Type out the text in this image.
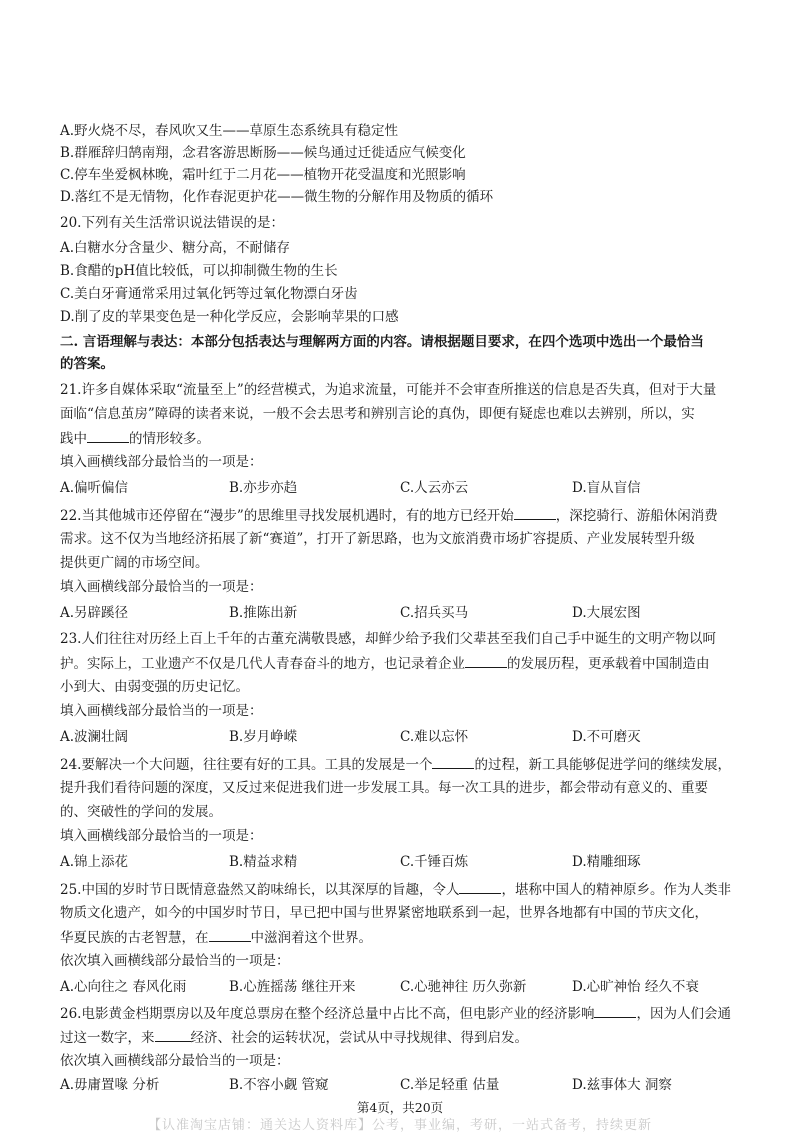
A.野火烧不尽，春风吹又生——草原生态系统具有稳定性
B.群雁辞归鹄南翔，念君客游思断肠——候鸟通过迁徙适应气候变化
C.停车坐爱枫林晚，霜叶红于二月花——植物开花受温度和光照影响
D.落红不是无情物，化作春泥更护花——微生物的分解作用及物质的循环
20.下列有关生活常识说法错误的是：
A.白糖水分含量少、糖分高，不耐储存
B.食醋的pH值比较低，可以抑制微生物的生长
C.美白牙膏通常采用过氧化钙等过氧化物漂白牙齿
D.削了皮的苹果变色是一种化学反应，会影响苹果的口感
二. 言语理解与表达：本部分包括表达与理解两方面的内容。请根据题目要求，在四个选项中选出一个最恰当
的答案。
21.许多自媒体采取“流量至上”的经营模式，为追求流量，可能并不会审查所推送的信息是否失真，但对于大量
面临“信息茧房”障碍的读者来说，一般不会去思考和辨别言论的真伪，即便有疑虑也难以去辨别，所以，实
践中	的情形较多。
填入画横线部分最恰当的一项是：
A.偏听偏信	B.亦步亦趋	C.人云亦云	D.盲从盲信
22.当其他城市还停留在“漫步”的思维里寻找发展机遇时，有的地方已经开始	，深挖骑行、游船休闲消费
需求。这不仅为当地经济拓展了新“赛道”，打开了新思路，也为文旅消费市场扩容提质、产业发展转型升级
提供更广阔的市场空间。
填入画横线部分最恰当的一项是：
A.另辟蹊径	B.推陈出新	C.招兵买马	D.大展宏图
23.人们往往对历经上百上千年的古董充满敬畏感，却鲜少给予我们父辈甚至我们自己手中诞生的文明产物以呵
护。实际上，工业遗产不仅是几代人青春奋斗的地方，也记录着企业	的发展历程，更承载着中国制造由
小到大、由弱变强的历史记忆。
填入画横线部分最恰当的一项是：
A.波澜壮阔	B.岁月峥嵘	C.难以忘怀	D.不可磨灭
24.要解决一个大问题，往往要有好的工具。工具的发展是一个	的过程，新工具能够促进学问的继续发展，
提升我们看待问题的深度，又反过来促进我们进一步发展工具。每一次工具的进步，都会带动有意义的、重要
的、突破性的学问的发展。
填入画横线部分最恰当的一项是：
A.锦上添花	B.精益求精	C.千锤百炼	D.精雕细琢
25.中国的岁时节日既情意盎然又韵味绵长，以其深厚的旨趣，令人	，堪称中国人的精神原乡。作为人类非
物质文化遗产，如今的中国岁时节日，早已把中国与世界紧密地联系到一起，世界各地都有中国的节庆文化，
华夏民族的古老智慧，在	中滋润着这个世界。
依次填入画横线部分最恰当的一项是：
A.心向往之 春风化雨	B.心旌摇荡 继往开来	C.心驰神往 历久弥新	D.心旷神怡 经久不衰
26.电影黄金档期票房以及年度总票房在整个经济总量中占比不高，但电影产业的经济影响	，因为人们会通
过这一数字，来	经济、社会的运转状况，尝试从中寻找规律、得到启发。
依次填入画横线部分最恰当的一项是：
A.毋庸置喙 分析	B.不容小觑 管窥	C.举足轻重 估量	D.兹事体大 洞察
第4页，共20页
【认准淘宝店铺：通关达人资料库】公考，事业编，考研，一站式备考，持续更新
